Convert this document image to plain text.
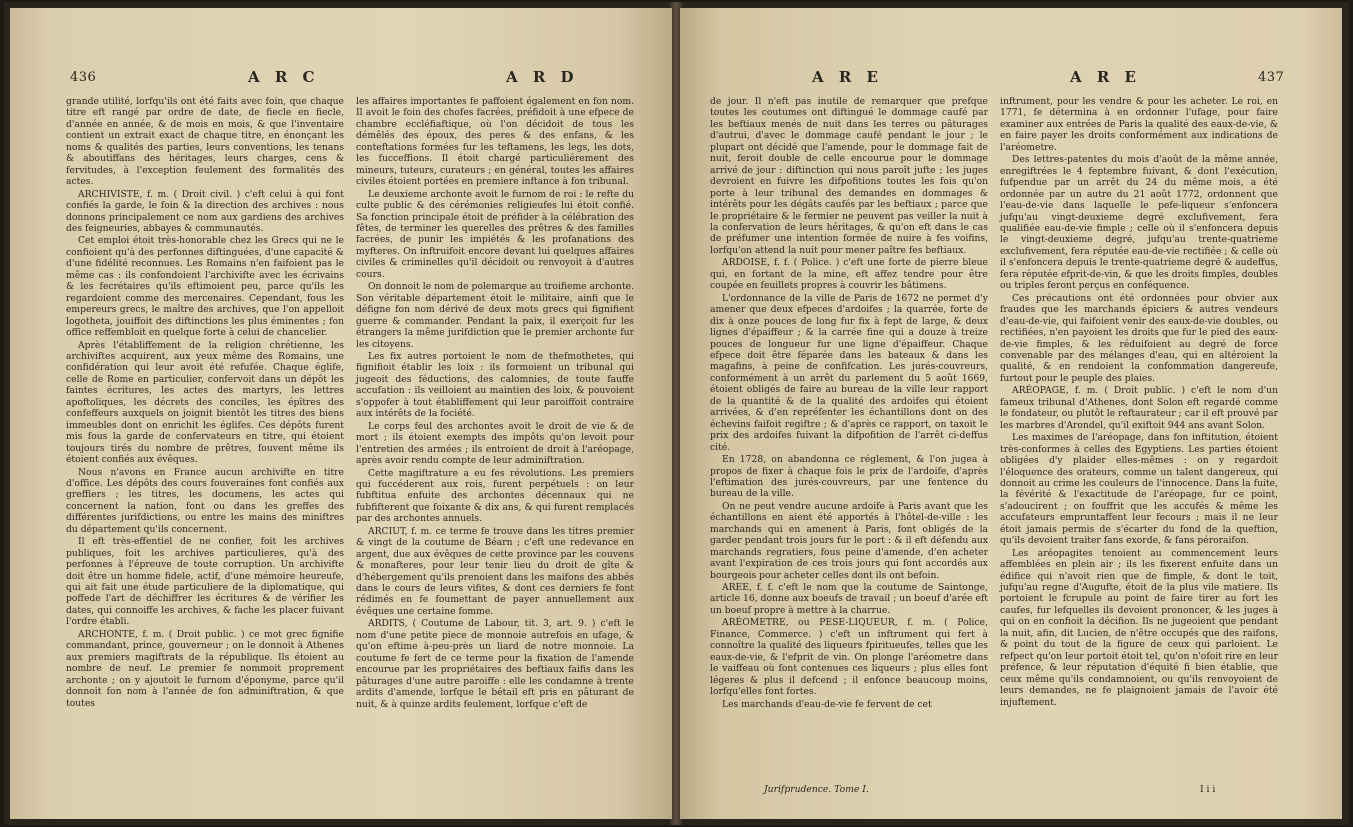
436	A R C	A R D

grande utilité, lorfqu'ils ont été faits avec foin, que chaque titre eft rangé par ordre de date, de fiecle en fiecle, d'année en année, & de mois en mois, & que l'inventaire contient un extrait exact de chaque titre, en énonçant les noms & qualités des parties, leurs conventions, les tenans & aboutiffans des héritages, leurs charges, cens & fervitudes, à l'exception feulement des formalités des actes.

ARCHIVISTE, f. m. ( Droit civil. ) c'eft celui à qui font confiés la garde, le foin & la direction des archives : nous donnons principalement ce nom aux gardiens des archives des feigneuries, abbayes & communautés.

Cet emploi étoit très-honorable chez les Grecs qui ne le confioient qu'à des perfonnes diftinguées, d'une capacité & d'une fidélité reconnues. Les Romains n'en faifoient pas le même cas : ils confondoient l'archivifte avec les écrivains & les fecrétaires qu'ils eftimoient peu, parce qu'ils les regardoient comme des mercenaires. Cependant, fous les empereurs grecs, le maître des archives, que l'on appelloit logotheta, jouiffoit des diftinctions les plus éminentes ; fon office reffembloit en quelque forte à celui de chancelier.

Après l'établiffement de la religion chrétienne, les archiviftes acquirent, aux yeux même des Romains, une confidération qui leur avoit été refufée. Chaque églife, celle de Rome en particulier, confervoit dans un dépôt les faintes écritures, les actes des martyrs, les lettres apoftoliques, les décrets des conciles, les épîtres des confeffeurs auxquels on joignit bientôt les titres des biens immeubles dont on enrichit les églifes. Ces dépôts furent mis fous la garde de confervateurs en titre, qui étoient toujours tirés du nombre de prêtres, fouvent même ils étoient confiés aux évêques.

Nous n'avons en France aucun archivifte en titre d'office. Les dépôts des cours fouveraines font confiés aux greffiers ; les titres, les documens, les actes qui concernent la nation, font ou dans les greffes des différentes jurifdictions, ou entre les mains des miniftres du département qu'ils concernent.

Il eft très-effentiel de ne confier, foit les archives publiques, foit les archives particulieres, qu'à des perfonnes à l'épreuve de toute corruption. Un archivifte doit être un homme fidele, actif, d'une mémoire heureufe, qui ait fait une étude particuliere de la diplomatique, qui poffede l'art de déchiffrer les écritures & de vérifier les dates, qui connoiffe les archives, & fache les placer fuivant l'ordre établi.

ARCHONTE, f. m. ( Droit public. ) ce mot grec fignifie commandant, prince, gouverneur ; on le donnoit à Athenes aux premiers magiftrats de la république. Ils étoient au nombre de neuf. Le premier fe nommoit proprement archonte ; on y ajoutoit le furnom d'éponyme, parce qu'il donnoit fon nom à l'année de fon adminiftration, & que toutes

les affaires importantes fe paffoient également en fon nom. Il avoit le foin des chofes facrées, préfidoit à une efpece de chambre eccléfiaftique, où l'on décidoit de tous les démêlés des époux, des peres & des enfans, & les conteftations formées fur les teftamens, les legs, les dots, les fucceffions. Il étoit chargé particuliérement des mineurs, tuteurs, curateurs ; en général, toutes les affaires civiles étoient portées en premiere inftance à fon tribunal.

Le deuxieme archonte avoit le furnom de roi : le refte du culte public & des cérémonies religieufes lui étoit confié. Sa fonction principale étoit de préfider à la célébration des fêtes, de terminer les querelles des prêtres & des familles facrées, de punir les impiétés & les profanations des myfteres. On inftruifoit encore devant lui quelques affaires civiles & criminelles qu'il décidoit ou renvoyoit à d'autres cours.

On donnoit le nom de polemarque au troifieme archonte. Son véritable département étoit le militaire, ainfi que le défigne fon nom dérivé de deux mots grecs qui fignifient guerre & commander. Pendant la paix, il exerçoit fur les étrangers la même jurifdiction que le premier archonte fur les citoyens.

Les fix autres portoient le nom de thefmothetes, qui fignifioit établir les loix : ils formoient un tribunal qui jugeoit des féductions, des calomnies, de toute fauffe accufation : ils veilloient au maintien des loix, & pouvoient s'oppofer à tout établiffement qui leur paroiffoit contraire aux intérêts de la fociété.

Le corps feul des archontes avoit le droit de vie & de mort ; ils étoient exempts des impôts qu'on levoit pour l'entretien des armées ; ils entroient de droit à l'aréopage, après avoir rendu compte de leur adminiftration.

Cette magiftrature a eu fes révolutions. Les premiers qui fuccéderent aux rois, furent perpétuels : on leur fubftitua enfuite des archontes décennaux qui ne fubfifterent que foixante & dix ans, & qui furent remplacés par des archontes annuels.

ARCIUT, f. m. ce terme fe trouve dans les titres premier & vingt de la coutume de Béarn ; c'eft une redevance en argent, due aux évêques de cette province par les couvens & monafteres, pour leur tenir lieu du droit de gîte & d'hébergement qu'ils prenoient dans les maifons des abbés dans le cours de leurs vifites, & dont ces derniers fe font rédimés en fe foumettant de payer annuellement aux évêques une certaine fomme.

ARDITS, ( Coutume de Labour, tit. 3, art. 9. ) c'eft le nom d'une petite piece de monnoie autrefois en ufage, & qu'on eftime à-peu-près un liard de notre monnoie. La coutume fe fert de ce terme pour la fixation de l'amende encourue par les propriétaires des beftiaux faifis dans les pâturages d'une autre paroiffe : elle les condamne à trente ardits d'amende, lorfque le bétail eft pris en pâturant de nuit, & à quinze ardits feulement, lorfque c'eft de

A R E	A R E	437

de jour. Il n'eft pas inutile de remarquer que prefque toutes les coutumes ont diftingué le dommage caufé par les beftiaux menés de nuit dans les terres ou pâturages d'autrui, d'avec le dommage caufé pendant le jour ; le plupart ont décidé que l'amende, pour le dommage fait de nuit, feroit double de celle encourue pour le dommage arrivé de jour : diftinction qui nous paroît jufte ; les juges devroient en fuivre les difpofitions toutes les fois qu'on porte à leur tribunal des demandes en dommages & intérêts pour les dégâts caufés par les beftiaux ; parce que le propriétaire & le fermier ne peuvent pas veiller la nuit à la confervation de leurs héritages, & qu'on eft dans le cas de préfumer une intention formée de nuire à fes voifins, lorfqu'on attend la nuit pour mener paître fes beftiaux.

ARDOISE, f. f. ( Police. ) c'eft une forte de pierre bleue qui, en fortant de la mine, eft affez tendre pour être coupée en feuillets propres à couvrir les bâtimens.

L'ordonnance de la ville de Paris de 1672 ne permet d'y amener que deux efpeces d'ardoifes ; la quarrée, forte de dix à onze pouces de long fur fix à fept de large, & deux lignes d'épaiffeur ; & la carrée fine qui a douze à treize pouces de longueur fur une ligne d'épaiffeur. Chaque efpece doit être féparée dans les bateaux & dans les magafins, à peine de confifcation. Les jurés-couvreurs, conformément à un arrêt du parlement du 5 août 1669, étoient obligés de faire au bureau de la ville leur rapport de la quantité & de la qualité des ardoifes qui étoient arrivées, & d'en repréfenter les échantillons dont on des échevins faifoit regiftre ; & d'après ce rapport, on taxoit le prix des ardoifes fuivant la difpofition de l'arrêt ci-deffus cité.

En 1728, on abandonna ce réglement, & l'on jugea à propos de fixer à chaque fois le prix de l'ardoife, d'après l'eftimation des jurés-couvreurs, par une fentence du bureau de la ville.

On ne peut vendre aucune ardoife à Paris avant que les échantillons en aient été apportés à l'hôtel-de-ville : les marchands qui en amenent à Paris, font obligés de la garder pendant trois jours fur le port : & il eft défendu aux marchands regratiers, fous peine d'amende, d'en acheter avant l'expiration de ces trois jours qui font accordés aux bourgeois pour acheter celles dont ils ont befoin.

AREE, f. f. c'eft le nom que la coutume de Saintonge, article 16, donne aux boeufs de travail ; un boeuf d'arée eft un boeuf propre à mettre à la charrue.

ARÉOMETRE, ou PESE-LIQUEUR, f. m. ( Police, Finance, Commerce. ) c'eft un inftrument qui fert à connoître la qualité des liqueurs fpiritueufes, telles que les eaux-de-vie, & l'efprit de vin. On plonge l'aréometre dans le vaiffeau où font contenues ces liqueurs ; plus elles font légeres & plus il defcend ; il enfonce beaucoup moins, lorfqu'elles font fortes.

Les marchands d'eau-de-vie fe fervent de cet

inftrument, pour les vendre & pour les acheter. Le roi, en 1771, fe détermina à en ordonner l'ufage, pour faire examiner aux entrées de Paris la qualité des eaux-de-vie, & en faire payer les droits conformément aux indications de l'aréometre.

Des lettres-patentes du mois d'août de la même année, enregiftrées le 4 feptembre fuivant, & dont l'exécution, fufpendue par un arrêt du 24 du même mois, a été ordonnée par un autre du 21 août 1772, ordonnent que l'eau-de-vie dans laquelle le pefe-liqueur s'enfoncera jufqu'au vingt-deuxieme degré exclufivement, fera qualifiée eau-de-vie fimple ; celle où il s'enfoncera depuis le vingt-deuxieme degré, jufqu'au trente-quatrieme exclufivement, fera réputée eau-de-vie rectifiée ; & celle où il s'enfoncera depuis le trente-quatrieme degré & audeffus, fera réputée efprit-de-vin, & que les droits fimples, doubles ou triples feront perçus en conféquence.

Ces précautions ont été ordonnées pour obvier aux fraudes que les marchands épiciers & autres vendeurs d'eau-de-vie, qui faifoient venir des eaux-de-vie doubles, ou rectifiées, n'en payoient les droits que fur le pied des eaux-de-vie fimples, & les réduifoient au degré de force convenable par des mélanges d'eau, qui en altéroient la qualité, & en rendoient la confommation dangereufe, furtout pour le peuple des plaies.

ARÉOPAGE, f. m. ( Droit public. ) c'eft le nom d'un fameux tribunal d'Athenes, dont Solon eft regardé comme le fondateur, ou plutôt le reftaurateur ; car il eft prouvé par les marbres d'Arondel, qu'il exiftoit 944 ans avant Solon.

Les maximes de l'aréopage, dans fon inftitution, étoient très-conformes à celles des Egyptiens. Les parties étoient obligées d'y plaider elles-mêmes : on y regardoit l'éloquence des orateurs, comme un talent dangereux, qui donnoit au crime les couleurs de l'innocence. Dans la fuite, la févérité & l'exactitude de l'aréopage, fur ce point, s'adoucirent ; on fouffrit que les accufés & même les accufateurs empruntaffent leur fecours ; mais il ne leur étoit jamais permis de s'écarter du fond de la queftion, qu'ils devoient traiter fans exorde, & fans péroraifon.

Les aréopagites tenoient au commencement leurs affemblées en plein air ; ils les fixerent enfuite dans un édifice qui n'avoit rien que de fimple, & dont le toit, jufqu'au regne d'Augufte, étoit de la plus vile matiere. Ils portoient le fcrupule au point de faire tirer au fort les caufes, fur lefquelles ils devoient prononcer, & les juges à qui on en confioit la décifion. Ils ne jugeoient que pendant la nuit, afin, dit Lucien, de n'être occupés que des raifons, & point du tout de la figure de ceux qui parloient. Le refpect qu'on leur portoit étoit tel, qu'on n'ofoit rire en leur préfence, & leur réputation d'équité fi bien établie, que ceux même qu'ils condamnoient, ou qu'ils renvoyoient de leurs demandes, ne fe plaignoient jamais de l'avoir été injuftement.

Jurifprudence. Tome I.	I i i
